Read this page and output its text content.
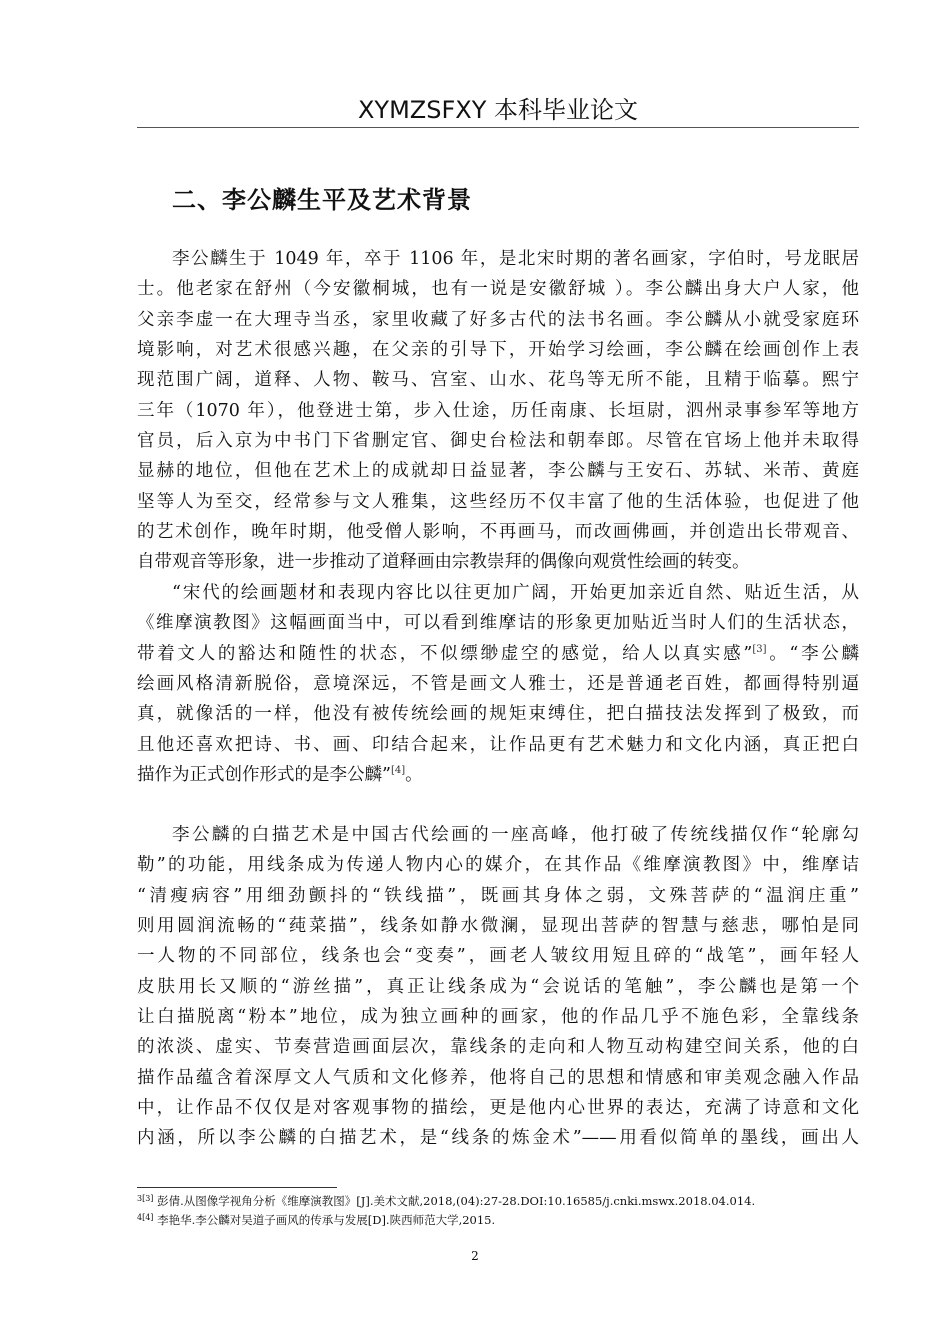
XYMZSFXY 本科毕业论文
二、李公麟生平及艺术背景
李公麟生于 1049 年，卒于 1106 年，是北宋时期的著名画家，字伯时，号龙眠居
士。他老家在舒州（今安徽桐城，也有一说是安徽舒城 ）。李公麟出身大户人家，他
父亲李虚一在大理寺当丞，家里收藏了好多古代的法书名画。李公麟从小就受家庭环
境影响，对艺术很感兴趣，在父亲的引导下，开始学习绘画，李公麟在绘画创作上表
现范围广阔，道释、人物、鞍马、宫室、山水、花鸟等无所不能，且精于临摹。熙宁
三年（1070 年），他登进士第，步入仕途，历任南康、长垣尉，泗州录事参军等地方
官员，后入京为中书门下省删定官、御史台检法和朝奉郎。尽管在官场上他并未取得
显赫的地位，但他在艺术上的成就却日益显著，李公麟与王安石、苏轼、米芾、黄庭
坚等人为至交，经常参与文人雅集，这些经历不仅丰富了他的生活体验，也促进了他
的艺术创作，晚年时期，他受僧人影响，不再画马，而改画佛画，并创造出长带观音、
自带观音等形象，进一步推动了道释画由宗教崇拜的偶像向观赏性绘画的转变。
“宋代的绘画题材和表现内容比以往更加广阔，开始更加亲近自然、贴近生活，从
《维摩演教图》这幅画面当中，可以看到维摩诘的形象更加贴近当时人们的生活状态，
带着文人的豁达和随性的状态，不似缥缈虚空的感觉，给人以真实感”[3]。“李公麟
绘画风格清新脱俗，意境深远，不管是画文人雅士，还是普通老百姓，都画得特别逼
真，就像活的一样，他没有被传统绘画的规矩束缚住，把白描技法发挥到了极致，而
且他还喜欢把诗、书、画、印结合起来，让作品更有艺术魅力和文化内涵，真正把白
描作为正式创作形式的是李公麟”[4]。
李公麟的白描艺术是中国古代绘画的一座高峰，他打破了传统线描仅作“轮廓勾
勒”的功能，用线条成为传递人物内心的媒介，在其作品《维摩演教图》中，维摩诘
“清瘦病容”用细劲颤抖的“铁线描”，既画其身体之弱，文殊菩萨的“温润庄重”
则用圆润流畅的“莼菜描”，线条如静水微澜，显现出菩萨的智慧与慈悲，哪怕是同
一人物的不同部位，线条也会“变奏”，画老人皱纹用短且碎的“战笔”，画年轻人
皮肤用长又顺的“游丝描”，真正让线条成为“会说话的笔触”，李公麟也是第一个
让白描脱离“粉本”地位，成为独立画种的画家，他的作品几乎不施色彩，全靠线条
的浓淡、虚实、节奏营造画面层次，靠线条的走向和人物互动构建空间关系，他的白
描作品蕴含着深厚文人气质和文化修养，他将自己的思想和情感和审美观念融入作品
中，让作品不仅仅是对客观事物的描绘，更是他内心世界的表达，充满了诗意和文化
内涵，所以李公麟的白描艺术，是“线条的炼金术”——用看似简单的墨线，画出人
$^{3[3]}$ 彭倩.从图像学视角分析《维摩演教图》[J].美术文献,2018,(04):27-28.DOI:10.16585/j.cnki.mswx.2018.04.014.
$^{4[4]}$ 李艳华.李公麟对吴道子画风的传承与发展[D].陕西师范大学,2015.
2
